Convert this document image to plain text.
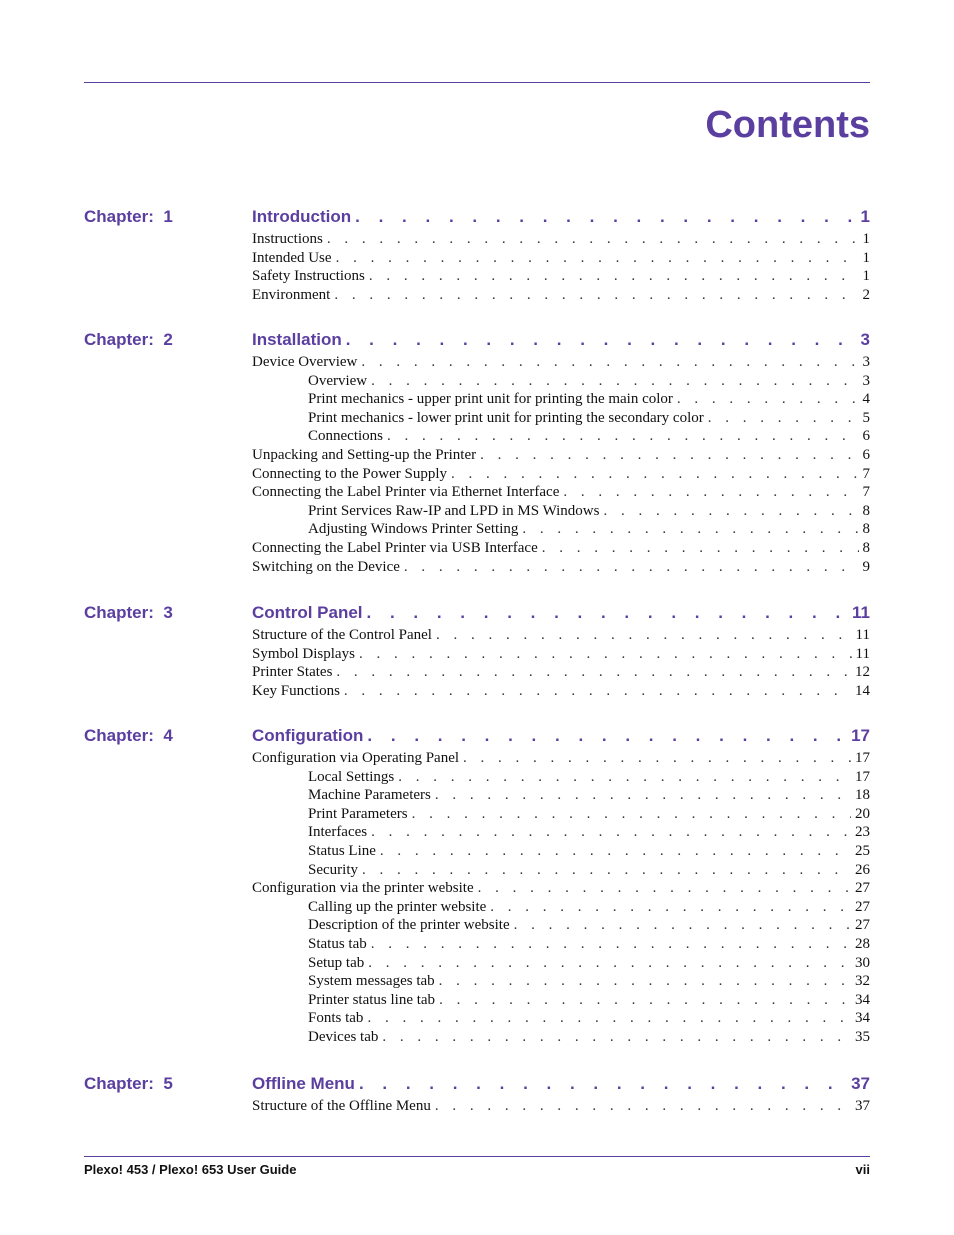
Contents
Chapter:  1	Introduction . . .	1
Instructions . . .	1
Intended Use . . .	1
Safety Instructions . . .	1
Environment . . .	2
Chapter:  2	Installation . . .	3
Device Overview . . .	3
Overview . . .	3
Print mechanics - upper print unit for printing the main color . . .	4
Print mechanics - lower print unit for printing the secondary color . . .	5
Connections . . .	6
Unpacking and Setting-up the Printer . . .	6
Connecting to the Power Supply . . .	7
Connecting the Label Printer via Ethernet Interface . . .	7
Print Services Raw-IP and LPD in MS Windows . . .	8
Adjusting Windows Printer Setting . . .	8
Connecting the Label Printer via USB Interface . . .	8
Switching on the Device . . .	9
Chapter:  3	Control Panel . . .	11
Structure of the Control Panel . . .	11
Symbol Displays . . .	11
Printer States . . .	12
Key Functions . . .	14
Chapter:  4	Configuration . . .	17
Configuration via Operating Panel . . .	17
Local Settings . . .	17
Machine Parameters . . .	18
Print Parameters . . .	20
Interfaces . . .	23
Status Line . . .	25
Security . . .	26
Configuration via the printer website . . .	27
Calling up the printer website . . .	27
Description of the printer website . . .	27
Status tab . . .	28
Setup tab . . .	30
System messages tab . . .	32
Printer status line tab . . .	34
Fonts tab . . .	34
Devices tab . . .	35
Chapter:  5	Offline Menu . . .	37
Structure of the Offline Menu . . .	37
Plexo! 453 / Plexo! 653 User Guide	vii
